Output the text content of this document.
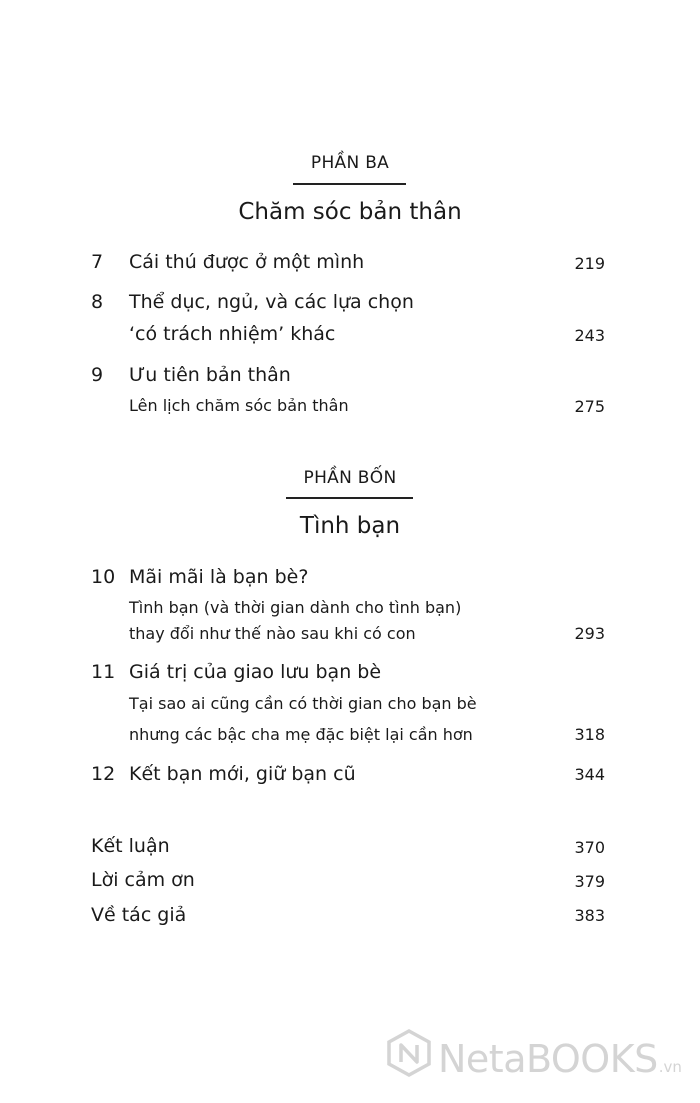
PHẦN BA
Chăm sóc bản thân
7 Cái thú được ở một mình	219
8 Thể dục, ngủ, và các lựa chọn
‘có trách nhiệm’ khác	243
9 Ưu tiên bản thân
Lên lịch chăm sóc bản thân	275
PHẦN BỐN
Tình bạn
10 Mãi mãi là bạn bè?
Tình bạn (và thời gian dành cho tình bạn)
thay đổi như thế nào sau khi có con	293
11 Giá trị của giao lưu bạn bè
Tại sao ai cũng cần có thời gian cho bạn bè
nhưng các bậc cha mẹ đặc biệt lại cần hơn	318
12 Kết bạn mới, giữ bạn cũ	344
Kết luận	370
Lời cảm ơn	379
Về tác giả	383
NetaBOOKS .vn
